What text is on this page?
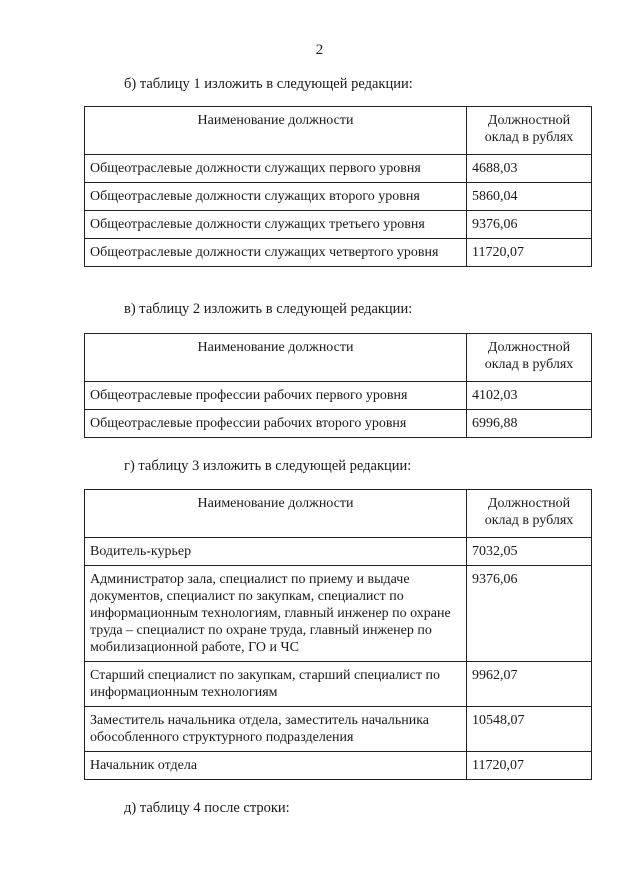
2
б) таблицу 1 изложить в следующей редакции:
Наименование должности	Должностной оклад в рублях
Общеотраслевые должности служащих первого уровня	4688,03
Общеотраслевые должности служащих второго уровня	5860,04
Общеотраслевые должности служащих третьего уровня	9376,06
Общеотраслевые должности служащих четвертого уровня	11720,07
в) таблицу 2 изложить в следующей редакции:
Наименование должности	Должностной оклад в рублях
Общеотраслевые профессии рабочих первого уровня	4102,03
Общеотраслевые профессии рабочих второго уровня	6996,88
г) таблицу 3 изложить в следующей редакции:
Наименование должности	Должностной оклад в рублях
Водитель-курьер	7032,05
Администратор зала, специалист по приему и выдаче документов, специалист по закупкам, специалист по информационным технологиям, главный инженер по охране труда – специалист по охране труда, главный инженер по мобилизационной работе, ГО и ЧС	9376,06
Старший специалист по закупкам, старший специалист по информационным технологиям	9962,07
Заместитель начальника отдела, заместитель начальника обособленного структурного подразделения	10548,07
Начальник отдела	11720,07
д) таблицу 4 после строки:
